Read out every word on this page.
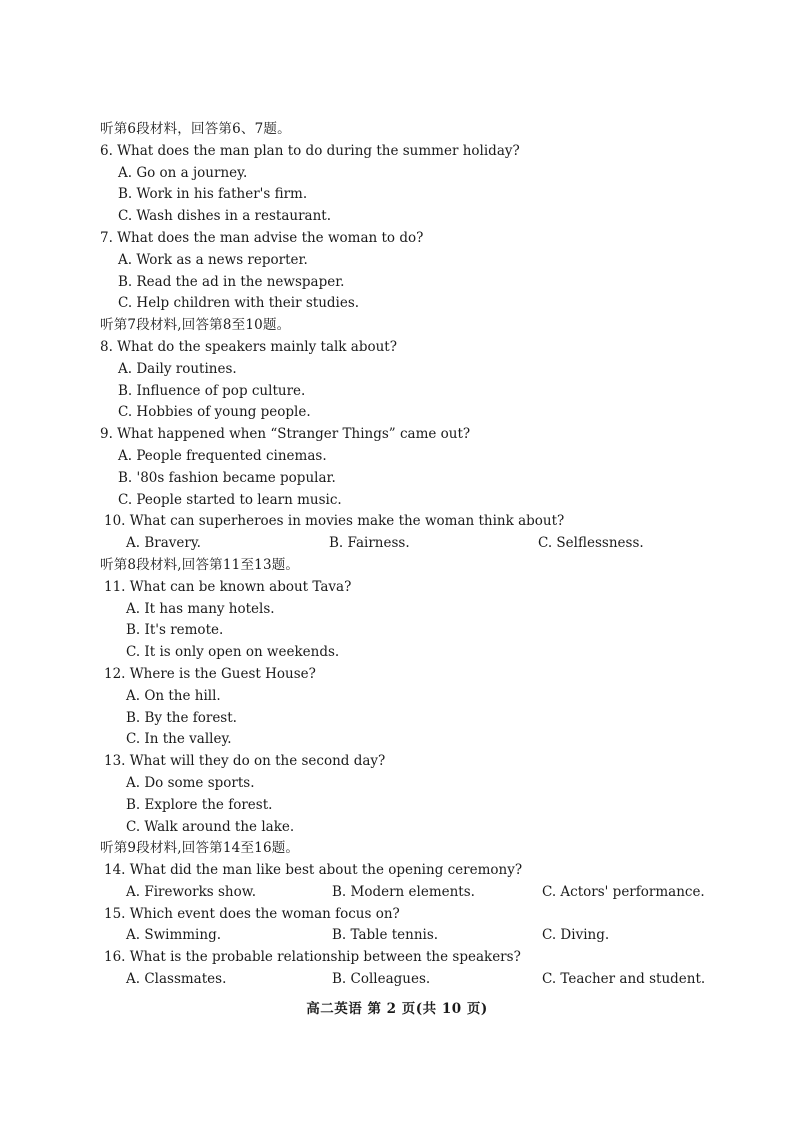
听第6段材料，回答第6、7题。
6. What does the man plan to do during the summer holiday?
A. Go on a journey.
B. Work in his father's firm.
C. Wash dishes in a restaurant.
7. What does the man advise the woman to do?
A. Work as a news reporter.
B. Read the ad in the newspaper.
C. Help children with their studies.
听第7段材料,回答第8至10题。
8. What do the speakers mainly talk about?
A. Daily routines.
B. Influence of pop culture.
C. Hobbies of young people.
9. What happened when “Stranger Things” came out?
A. People frequented cinemas.
B. '80s fashion became popular.
C. People started to learn music.
10. What can superheroes in movies make the woman think about?
A. Bravery.	B. Fairness.	C. Selflessness.
听第8段材料,回答第11至13题。
11. What can be known about Tava?
A. It has many hotels.
B. It's remote.
C. It is only open on weekends.
12. Where is the Guest House?
A. On the hill.
B. By the forest.
C. In the valley.
13. What will they do on the second day?
A. Do some sports.
B. Explore the forest.
C. Walk around the lake.
听第9段材料,回答第14至16题。
14. What did the man like best about the opening ceremony?
A. Fireworks show.	B. Modern elements.	C. Actors' performance.
15. Which event does the woman focus on?
A. Swimming.	B. Table tennis.	C. Diving.
16. What is the probable relationship between the speakers?
A. Classmates.	B. Colleagues.	C. Teacher and student.
高二英语 第 2 页(共 10 页)
